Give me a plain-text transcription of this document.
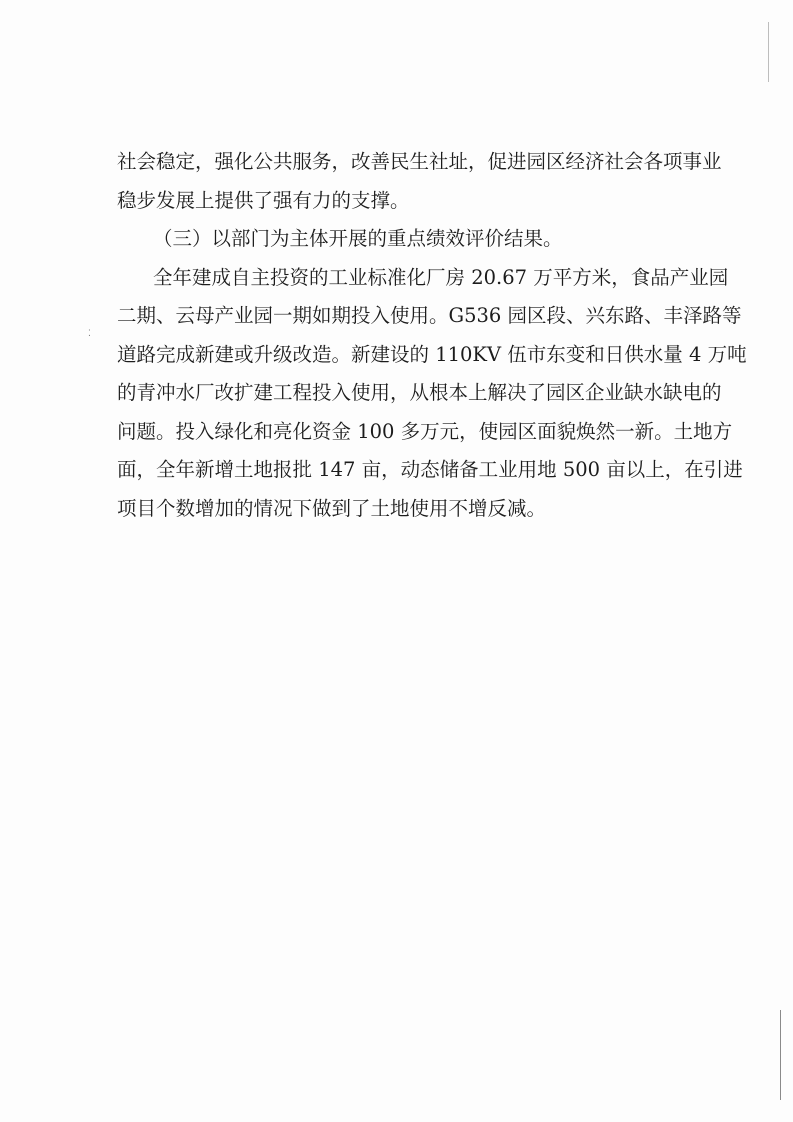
⁚
社会稳定，强化公共服务，改善民生社址，促进园区经济社会各项事业
稳步发展上提供了强有力的支撑。
（三）以部门为主体开展的重点绩效评价结果。
全年建成自主投资的工业标准化厂房 20.67 万平方米，食品产业园
二期、云母产业园一期如期投入使用。G536 园区段、兴东路、丰泽路等
道路完成新建或升级改造。新建设的 110KV 伍市东变和日供水量 4 万吨
的青冲水厂改扩建工程投入使用，从根本上解决了园区企业缺水缺电的
问题。投入绿化和亮化资金 100 多万元，使园区面貌焕然一新。土地方
面，全年新增土地报批 147 亩，动态储备工业用地 500 亩以上，在引进
项目个数增加的情况下做到了土地使用不增反减。
